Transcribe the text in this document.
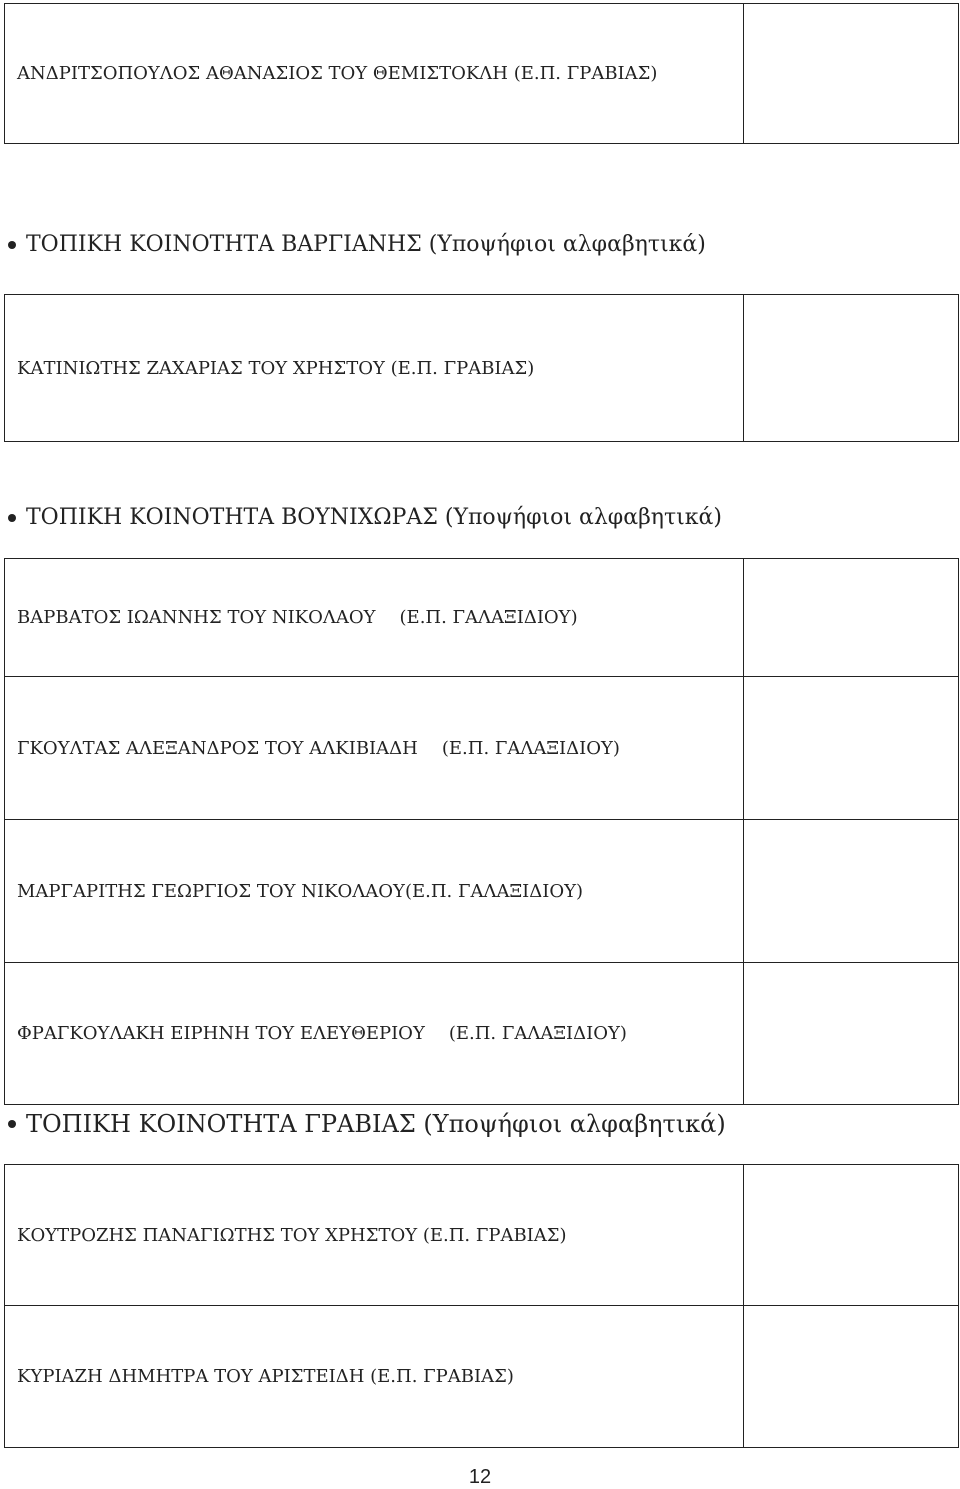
ΑΝΔΡΙΤΣΟΠΟΥΛΟΣ ΑΘΑΝΑΣΙΟΣ ΤΟΥ ΘΕΜΙΣΤΟΚΛΗ (Ε.Π. ΓΡΑΒΙΑΣ)	
ΤΟΠΙΚΗ ΚΟΙΝΟΤΗΤΑ ΒΑΡΓΙΑΝΗΣ (Υποψήφιοι αλφαβητικά)
ΚΑΤΙΝΙΩΤΗΣ ΖΑΧΑΡΙΑΣ ΤΟΥ ΧΡΗΣΤΟΥ (Ε.Π. ΓΡΑΒΙΑΣ)	
ΤΟΠΙΚΗ ΚΟΙΝΟΤΗΤΑ ΒΟΥΝΙΧΩΡΑΣ (Υποψήφιοι αλφαβητικά)
ΒΑΡΒΑΤΟΣ ΙΩΑΝΝΗΣ ΤΟΥ ΝΙΚΟΛΑΟΥ (Ε.Π. ΓΑΛΑΞΙΔΙΟΥ)	
ΓΚΟΥΛΤΑΣ ΑΛΕΞΑΝΔΡΟΣ ΤΟΥ ΑΛΚΙΒΙΑΔΗ (Ε.Π. ΓΑΛΑΞΙΔΙΟΥ)	
ΜΑΡΓΑΡΙΤΗΣ ΓΕΩΡΓΙΟΣ ΤΟΥ ΝΙΚΟΛΑΟΥ(Ε.Π. ΓΑΛΑΞΙΔΙΟΥ)	
ΦΡΑΓΚΟΥΛΑΚΗ ΕΙΡΗΝΗ ΤΟΥ ΕΛΕΥΘΕΡΙΟΥ (Ε.Π. ΓΑΛΑΞΙΔΙΟΥ)	
ΤΟΠΙΚΗ ΚΟΙΝΟΤΗΤΑ ΓΡΑΒΙΑΣ (Υποψήφιοι αλφαβητικά)
ΚΟΥΤΡΟΖΗΣ ΠΑΝΑΓΙΩΤΗΣ ΤΟΥ ΧΡΗΣΤΟΥ (Ε.Π. ΓΡΑΒΙΑΣ)	
ΚΥΡΙΑΖΗ ΔΗΜΗΤΡΑ ΤΟΥ ΑΡΙΣΤΕΙΔΗ (Ε.Π. ΓΡΑΒΙΑΣ)	
12
